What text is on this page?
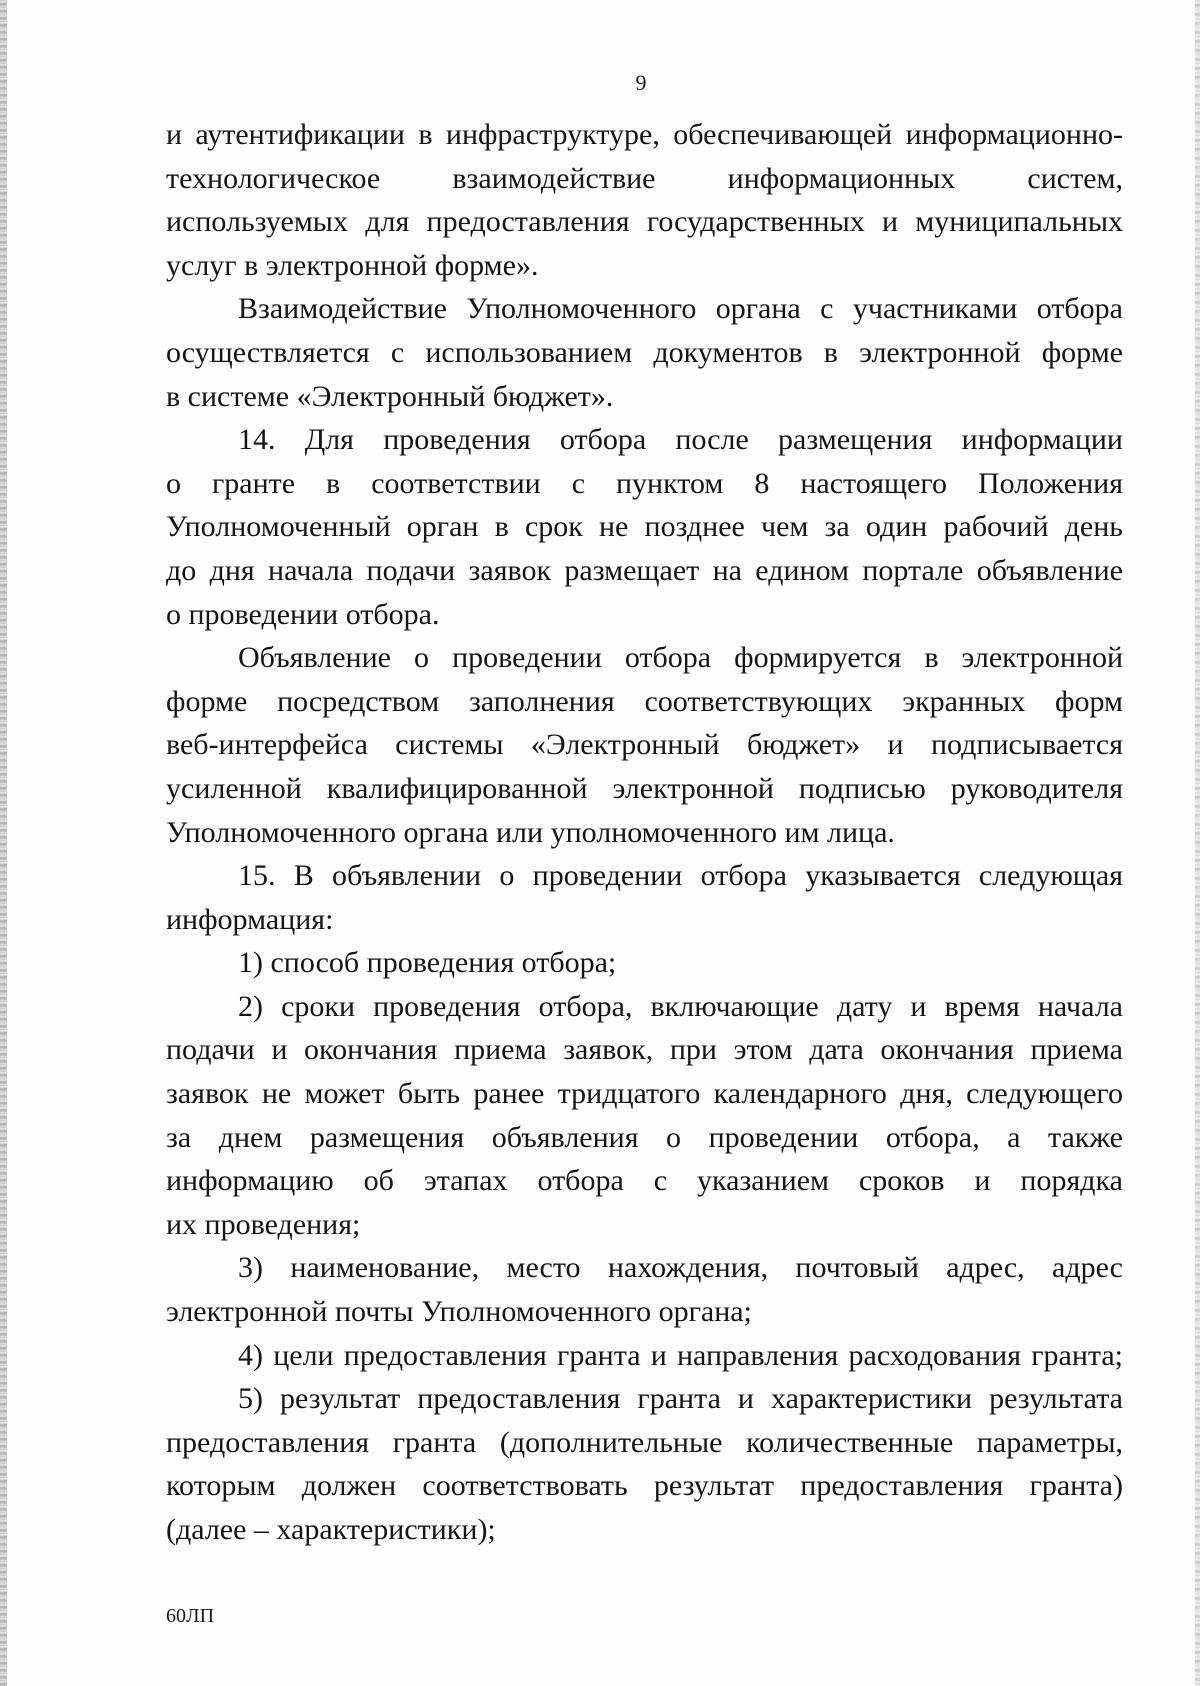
9
и аутентификации в инфраструктуре, обеспечивающей информационно-
технологическое взаимодействие информационных систем,
используемых для предоставления государственных и муниципальных
услуг в электронной форме».
Взаимодействие Уполномоченного органа с участниками отбора
осуществляется с использованием документов в электронной форме
в системе «Электронный бюджет».
14. Для проведения отбора после размещения информации
о гранте в соответствии с пунктом 8 настоящего Положения
Уполномоченный орган в срок не позднее чем за один рабочий день
до дня начала подачи заявок размещает на едином портале объявление
о проведении отбора.
Объявление о проведении отбора формируется в электронной
форме посредством заполнения соответствующих экранных форм
веб-интерфейса системы «Электронный бюджет» и подписывается
усиленной квалифицированной электронной подписью руководителя
Уполномоченного органа или уполномоченного им лица.
15. В объявлении о проведении отбора указывается следующая
информация:
1) способ проведения отбора;
2) сроки проведения отбора, включающие дату и время начала
подачи и окончания приема заявок, при этом дата окончания приема
заявок не может быть ранее тридцатого календарного дня, следующего
за днем размещения объявления о проведении отбора, а также
информацию об этапах отбора с указанием сроков и порядка
их проведения;
3) наименование, место нахождения, почтовый адрес, адрес
электронной почты Уполномоченного органа;
4) цели предоставления гранта и направления расходования гранта;
5) результат предоставления гранта и характеристики результата
предоставления гранта (дополнительные количественные параметры,
которым должен соответствовать результат предоставления гранта)
(далее – характеристики);
60ЛП
